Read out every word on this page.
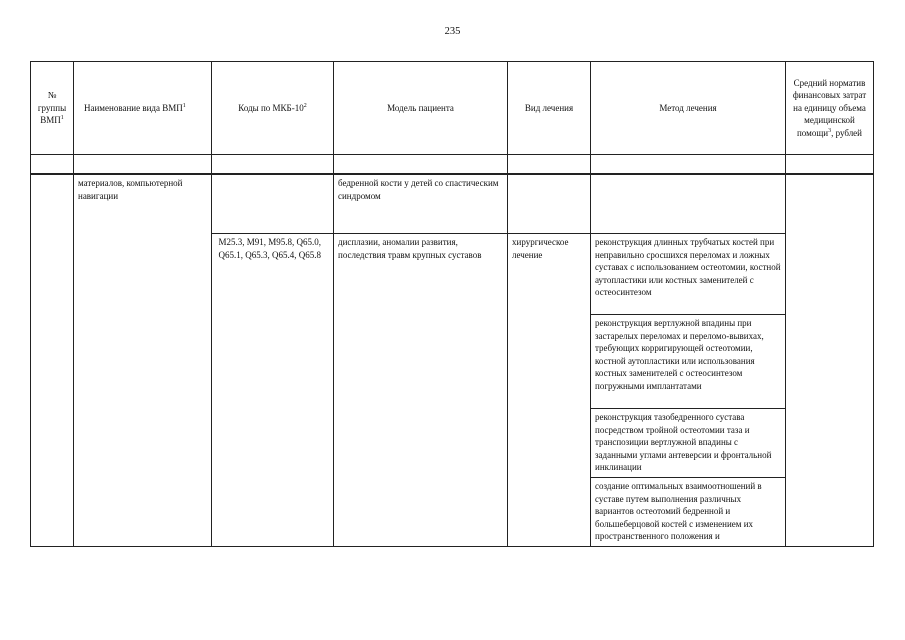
235
№ группы ВМП$^1$	Наименование вида ВМП$^1$	Коды по МКБ-$10^2$	Модель пациента	Вид лечения	Метод лечения	Средний норматив финансовых затрат на единицу объема медицинской помощи$^3$, рублей

	материалов, компьютерной навигации		бедренной кости у детей со спастическим синдромом			
		M25.3, M91, M95.8, Q65.0, Q65.1, Q65.3, Q65.4, Q65.8	дисплазии, аномалии развития, последствия травм крупных суставов	хирургическое лечение	реконструкция длинных трубчатых костей при неправильно сросшихся переломах и ложных суставах с использованием остеотомии, костной аутопластики или костных заменителей с остеосинтезом	
					реконструкция вертлужной впадины при застарелых переломах и переломо-вывихах, требующих корригирующей остеотомии, костной аутопластики или использования костных заменителей с остеосинтезом погружными имплантатами	
					реконструкция тазобедренного сустава посредством тройной остеотомии таза и транспозиции вертлужной впадины с заданными углами антеверсии и фронтальной инклинации	
					создание оптимальных взаимоотношений в суставе путем выполнения различных вариантов остеотомий бедренной и большеберцовой костей с изменением их пространственного положения и	
